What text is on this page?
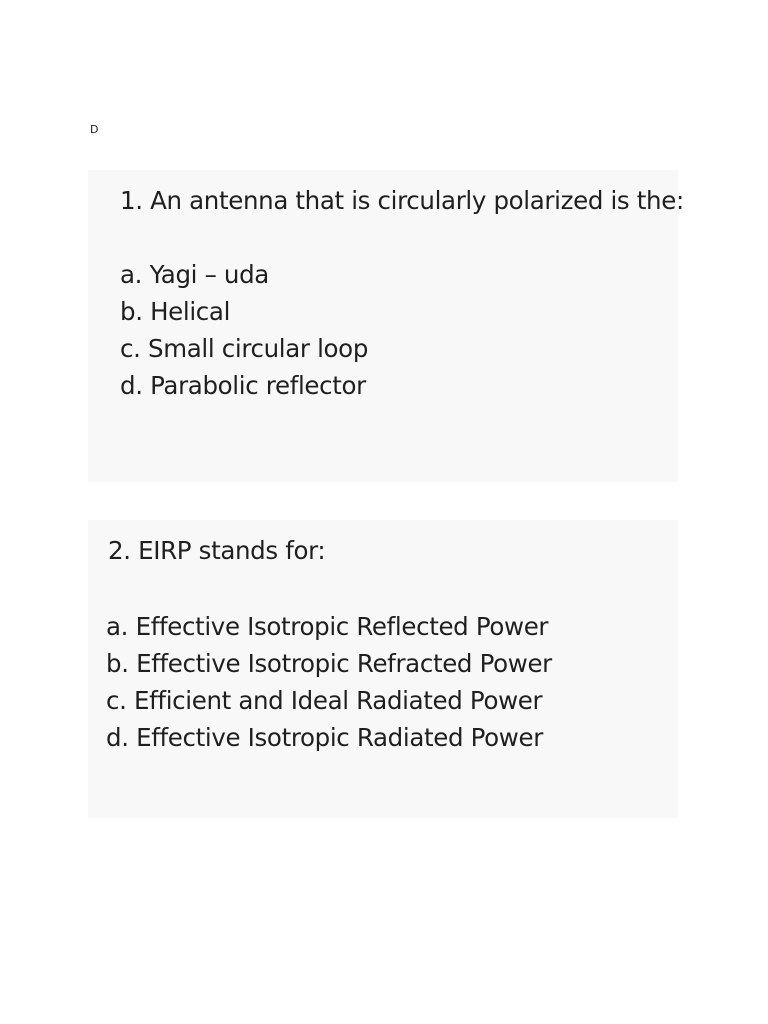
D
1. An antenna that is circularly polarized is the:
a. Yagi – uda
b. Helical
c. Small circular loop
d. Parabolic reflector
2. EIRP stands for:
a. Effective Isotropic Reflected Power
b. Effective Isotropic Refracted Power
c. Efficient and Ideal Radiated Power
d. Effective Isotropic Radiated Power
